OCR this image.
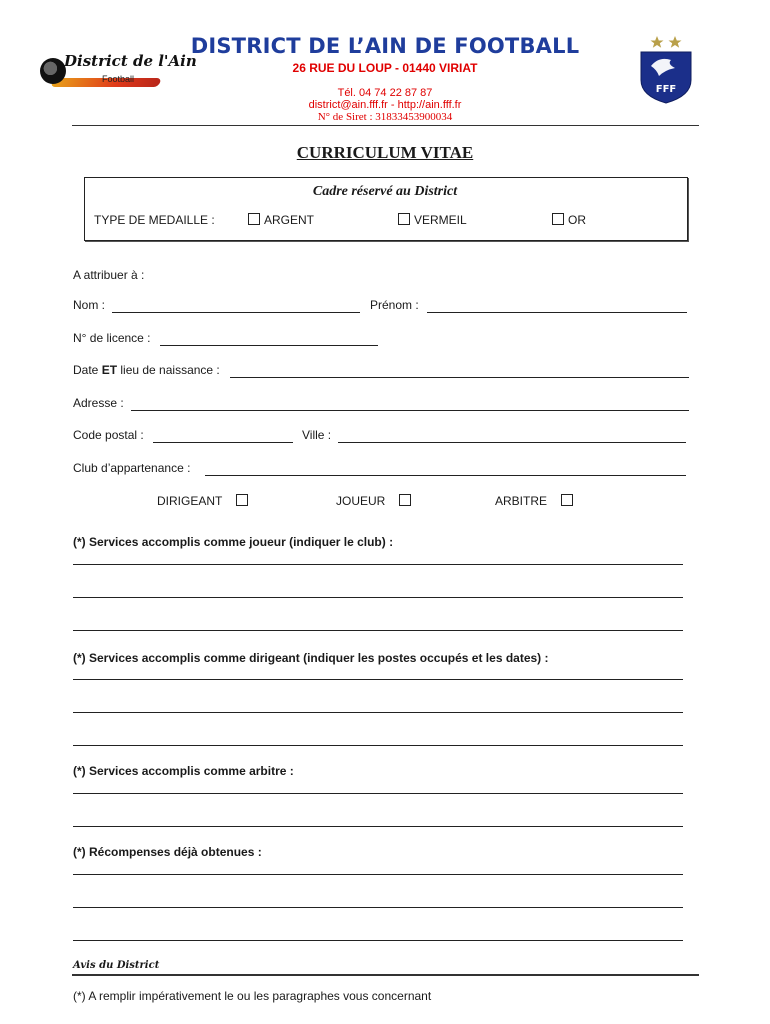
District de l'Ain
Football
DISTRICT DE L’AIN DE FOOTBALL
26 RUE DU LOUP - 01440 VIRIAT
Tél. 04 74 22 87 87
district@ain.fff.fr - http://ain.fff.fr
N° de Siret : 31833453900034
FFF
CURRICULUM VITAE
Cadre réservé au District
TYPE DE MEDAILLE :	ARGENT	VERMEIL	OR
A attribuer à :
Nom :	Prénom :
N° de licence :
Date ET lieu de naissance :
Adresse :
Code postal :	Ville :
Club d’appartenance :
DIRIGEANT	JOUEUR	ARBITRE
(*) Services accomplis comme joueur (indiquer le club) :
(*) Services accomplis comme dirigeant (indiquer les postes occupés et les dates) :
(*) Services accomplis comme arbitre :
(*) Récompenses déjà obtenues :
Avis du District
(*) A remplir impérativement le ou les paragraphes vous concernant
